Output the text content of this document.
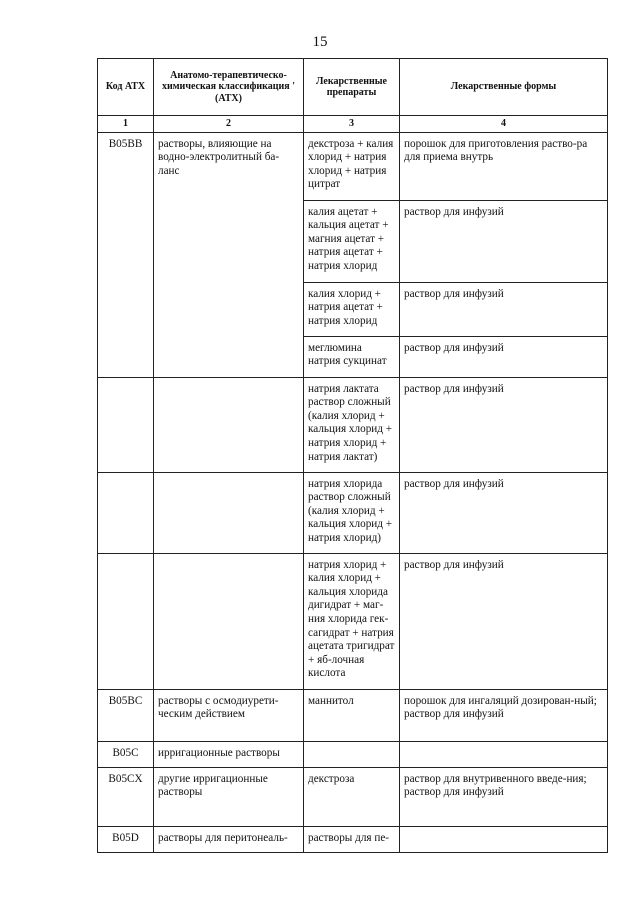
15
Код АТХ	Анатомо-терапевтическо-химическая классификация ' (АТХ)	Лекарственные препараты	Лекарственные формы
1	2	3	4
B05BB	растворы, влияющие на водно-электролитный ба-ланс	декстроза + калия хлорид + натрия хлорид + натрия цитрат	порошок для приготовления раство-ра для приема внутрь
		калия ацетат + кальция ацетат + магния ацетат + натрия ацетат + натрия хлорид	раствор для инфузий
		калия хлорид + натрия ацетат + натрия хлорид	раствор для инфузий
		меглюмина натрия сукцинат	раствор для инфузий
		натрия лактата раствор сложный (калия хлорид + кальция хлорид + натрия хлорид + натрия лактат)	раствор для инфузий
		натрия хлорида раствор сложный (калия хлорид + кальция хлорид + натрия хлорид)	раствор для инфузий
		натрия хлорид + калия хлорид + кальция хлорида дигидрат + маг-ния хлорида гек-сагидрат + натрия ацетата тригидрат + яб-лочная кислота	раствор для инфузий
B05BC	растворы с осмодиурети-ческим действием	маннитол	порошок для ингаляций дозирован-ный;
раствор для инфузий

B05C	ирригационные растворы		
B05CX	другие ирригационные растворы	декстроза	раствор для внутривенного введе-ния;
раствор для инфузий

B05D	растворы для перитонеаль-	растворы для пе-	
